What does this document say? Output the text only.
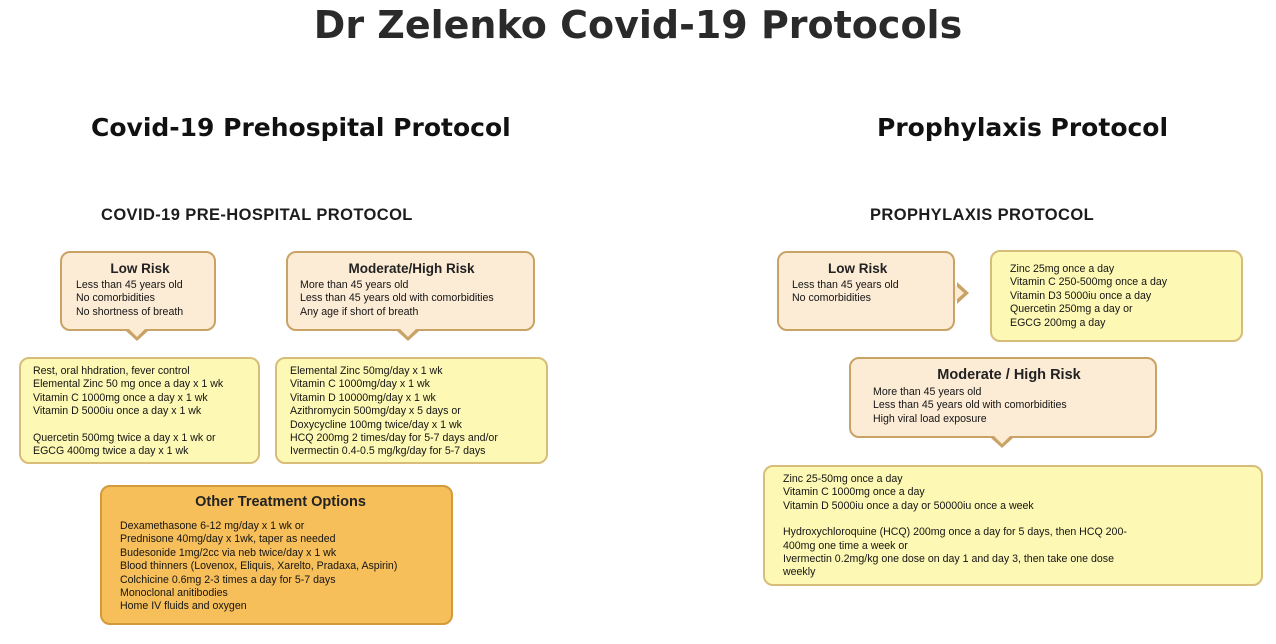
Dr Zelenko Covid-19 Protocols
Covid-19 Prehospital Protocol
COVID-19 PRE-HOSPITAL PROTOCOL
Low Risk
Less than 45 years old
No comorbidities
No shortness of breath
Moderate/High Risk
More than 45 years old
Less than 45 years old with comorbidities
Any age if short of breath
Rest, oral hhdration, fever control
Elemental Zinc 50 mg once a day x 1 wk
Vitamin C 1000mg once a day x 1 wk
Vitamin D 5000iu once a day x 1 wk
Quercetin 500mg twice a day x 1 wk or
EGCG 400mg twice a day x 1 wk
Elemental Zinc 50mg/day x 1 wk
Vitamin C 1000mg/day x 1 wk
Vitamin D 10000mg/day x 1 wk
Azithromycin 500mg/day x 5 days or
Doxycycline 100mg twice/day x 1 wk
HCQ 200mg 2 times/day for 5-7 days and/or
Ivermectin 0.4-0.5 mg/kg/day for 5-7 days
Other Treatment Options
Dexamethasone 6-12 mg/day x 1 wk or
Prednisone 40mg/day x 1wk, taper as needed
Budesonide 1mg/2cc via neb twice/day x 1 wk
Blood thinners (Lovenox, Eliquis, Xarelto, Pradaxa, Aspirin)
Colchicine 0.6mg 2-3 times a day for 5-7 days
Monoclonal anitibodies
Home IV fluids and oxygen
Prophylaxis Protocol
PROPHYLAXIS PROTOCOL
Low Risk
Less than 45 years old
No comorbidities
Zinc 25mg once a day
Vitamin C 250-500mg once a day
Vitamin D3 5000iu once a day
Quercetin 250mg a day or
EGCG 200mg a day
Moderate / High Risk
More than 45 years old
Less than 45 years old with comorbidities
High viral load exposure
Zinc 25-50mg once a day
Vitamin C 1000mg once a day
Vitamin D 5000iu once a day or 50000iu once a week
Hydroxychloroquine (HCQ) 200mg once a day for 5 days, then HCQ 200-
400mg one time a week or
Ivermectin 0.2mg/kg one dose on day 1 and day 3, then take one dose
weekly
